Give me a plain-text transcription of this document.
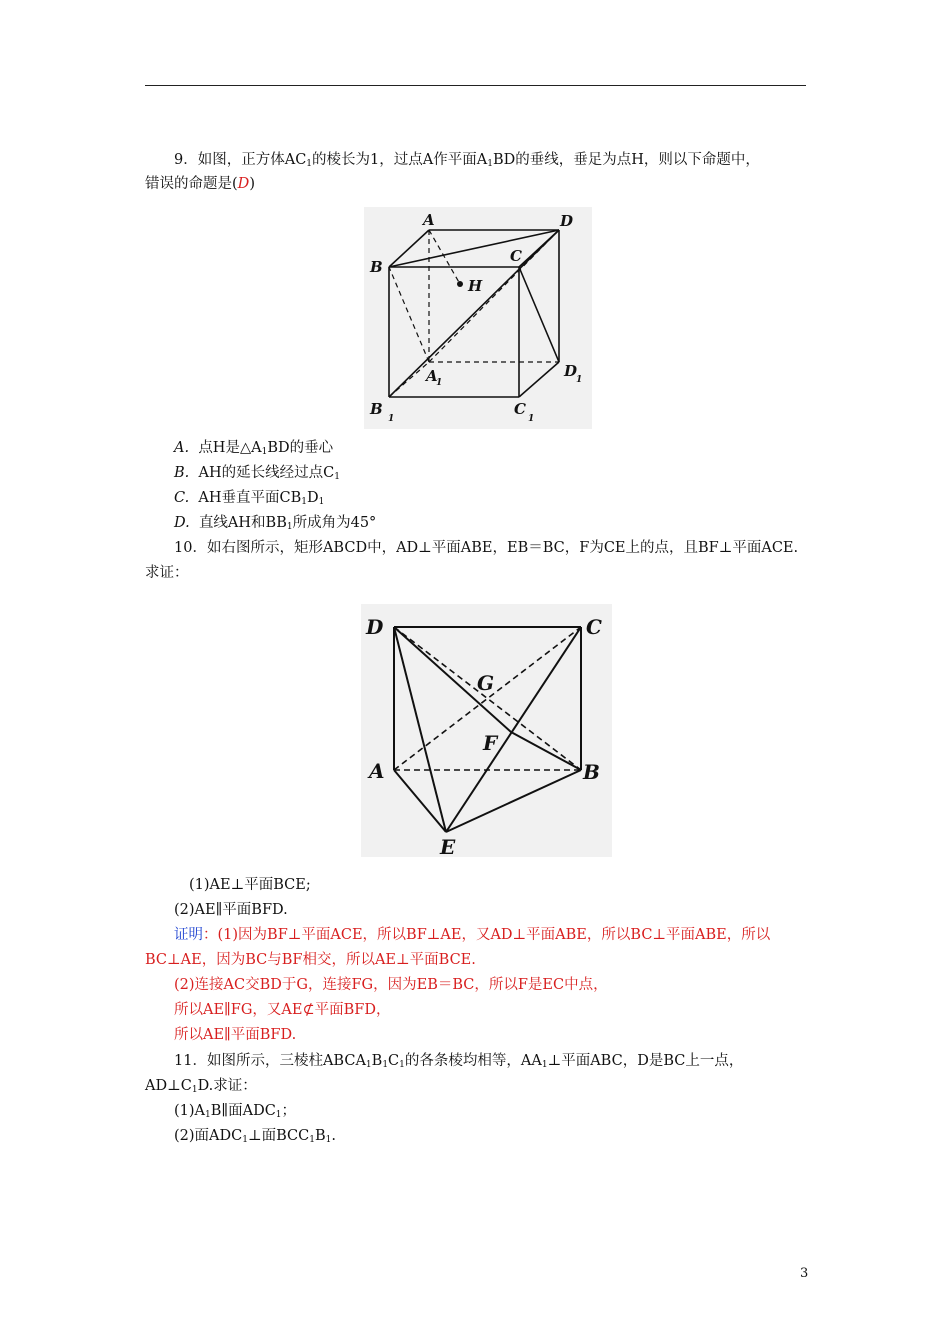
9．如图，正方体$AC_1$的棱长为1，过点A作平面$A_1BD$的垂线，垂足为点H，则以下命题中，
错误的命题是(D)
A	D
B
C
H
A
1
D
1
B
1
C
1
A. 点H是$\triangle A_1BD$的垂心
B. AH的延长线经过点$C_1$
C. AH垂直平面$CB_1D_1$
D. 直线AH和$BB_1$所成角为45°
10．如右图所示，矩形ABCD中，AD⊥平面ABE，EB＝BC，F为CE上的点，且BF⊥平面ACE.
求证：
D	C
G
F
A	B
E
(1)AE⊥平面BCE;
(2)AE∥平面BFD.
证明：(1)因为BF⊥平面ACE，所以BF⊥AE，又AD⊥平面ABE，所以BC⊥平面ABE，所以
BC⊥AE，因为BC与BF相交，所以AE⊥平面BCE.
(2)连接AC交BD于G，连接FG，因为EB＝BC，所以F是EC中点，
所以AE∥FG，又AE⊄平面BFD，
所以AE∥平面BFD.
11．如图所示，三棱柱$ABCA_1B_1C_1$的各条棱均相等，$AA_1\perp$平面ABC，D是BC上一点，
$AD\perp C_1D$.求证：
$(1)A_1B\parallel$面$ADC_1$；
(2)面$ADC_1\perp$面$BCC_1B_1$.
3
